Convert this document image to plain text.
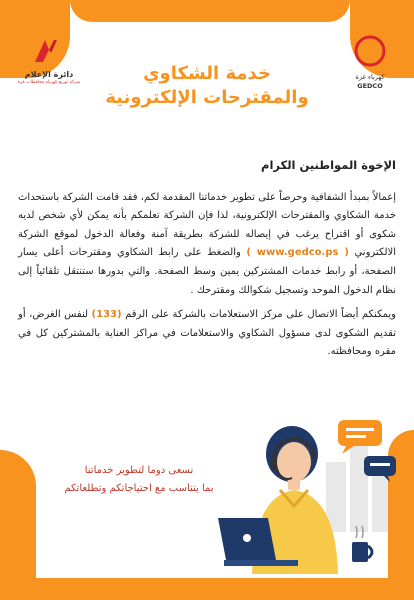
دائرة الإعلام
شركة توزيع كهرباء محافظات غزة
كهرباء غزة
GEDCO
خدمة الشكاوي
والمقترحات الإلكترونية
الإخوة المواطنين الكرام

إعمالاً بمبدأ الشفافية وحرصاً على تطوير خدماتنا المقدمة لكم، فقد قامت الشركة باستحداث خدمة الشكاوي والمقترحات الإلكترونية، لذا فإن الشركة تعلمكم بأنه يمكن لأي شخص لديه شكوى أو اقتراح يرغب في إيصاله للشركة بطريقة آمنة وفعالة الدخول لموقع الشركة الالكتروني ( www.gedco.ps ) والضغط على رابط الشكاوي ومقترحات أعلى يسار الصفحة، أو رابط خدمات المشتركين يمين وسط الصفحة. والتي بدورها ستنتقل تلقائياً إلى نظام الدخول الموحد وتسجيل شكوالك ومقترحك .

ويمكنكم أيضاً الاتصال على مركز الاستعلامات بالشركة على الرقم (133) لنفس الغرض، أو تقديم الشكوى لدى مسؤول الشكاوي والاستعلامات في مراكز العناية بالمشتركين كل في مقره ومحافظته.

نسعى دوما لتطوير خدماتنا
بما يتناسب مع احتياجاتكم وتطلعاتكم
